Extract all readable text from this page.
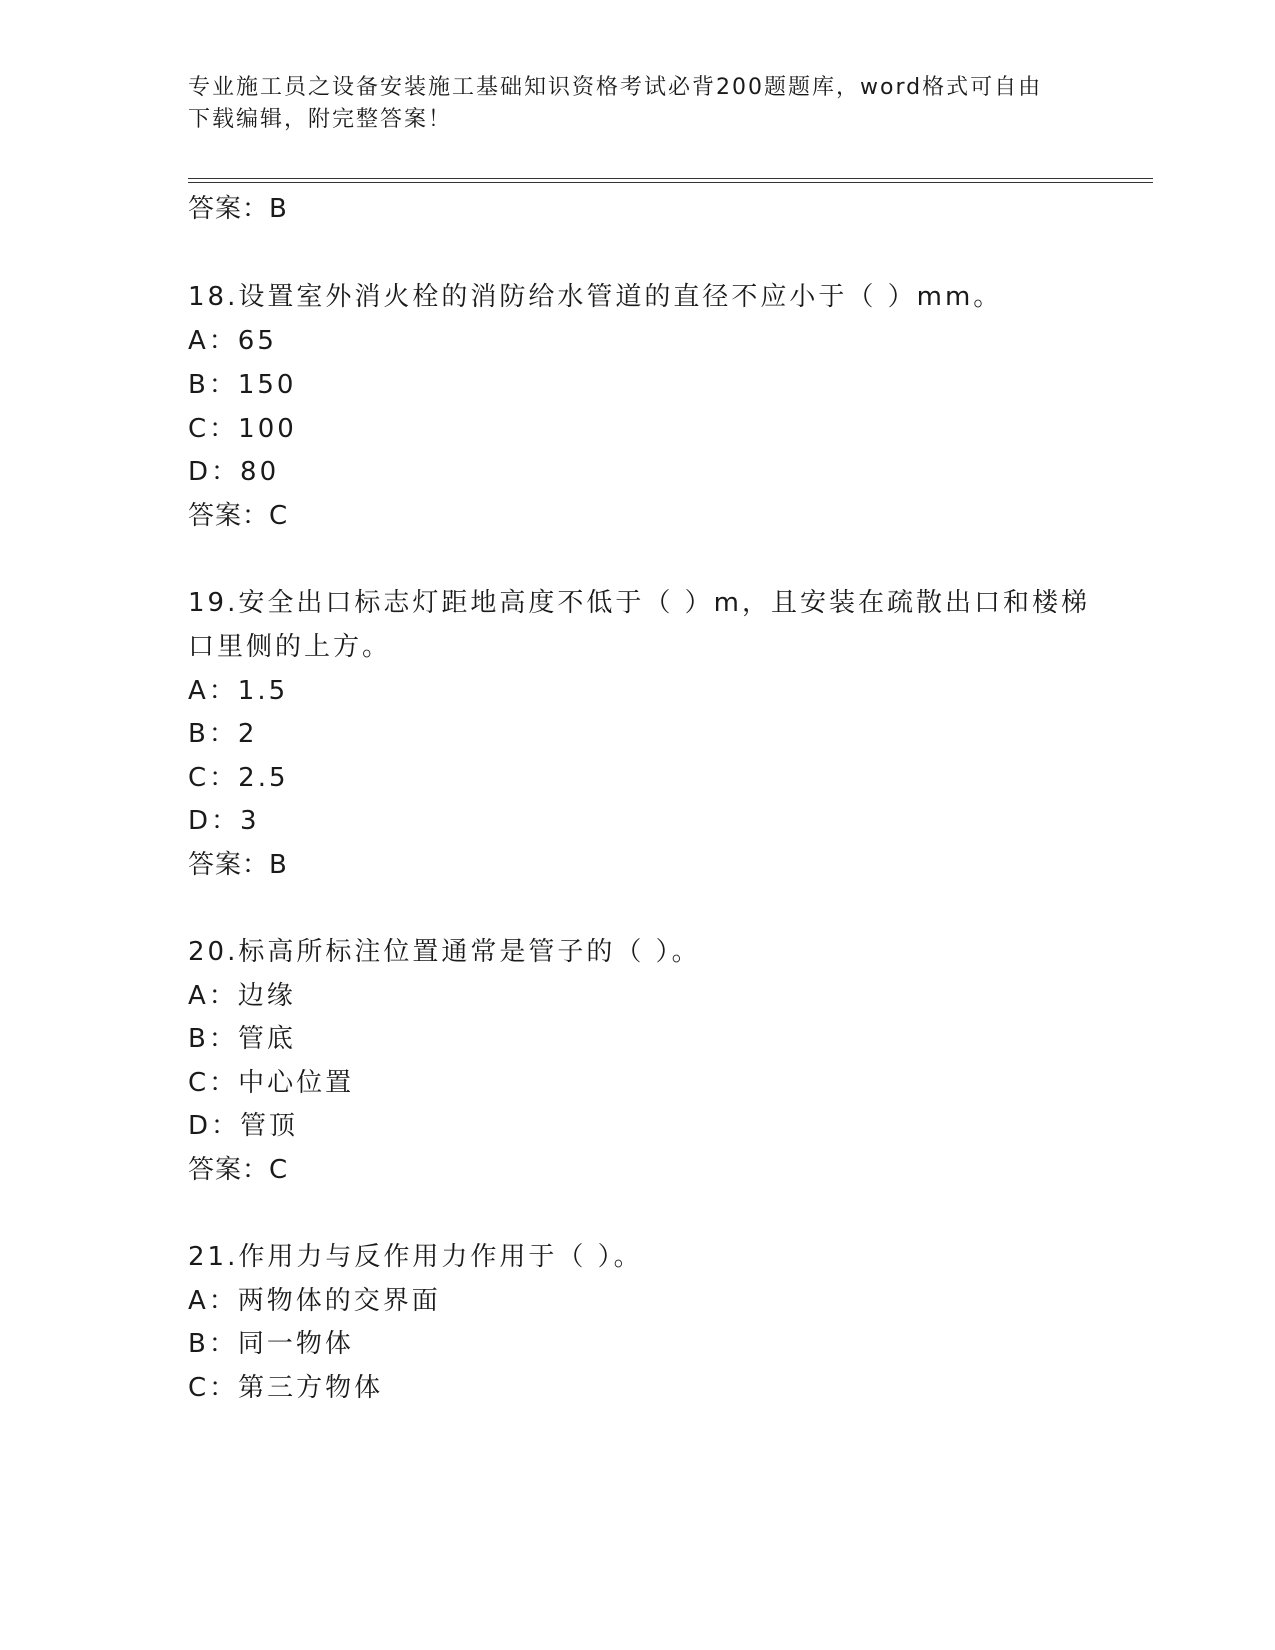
专业施工员之设备安装施工基础知识资格考试必背200题题库，word格式可自由
下载编辑，附完整答案！
答案：B
18.设置室外消火栓的消防给水管道的直径不应小于（ ）mm。
A：65
B：150
C：100
D：80
答案：C
19.安全出口标志灯距地高度不低于（ ）m，且安装在疏散出口和楼梯
口里侧的上方。
A：1.5
B：2
C：2.5
D：3
答案：B
20.标高所标注位置通常是管子的（ ）。
A：边缘
B：管底
C：中心位置
D：管顶
答案：C
21.作用力与反作用力作用于（ ）。
A：两物体的交界面
B：同一物体
C：第三方物体
